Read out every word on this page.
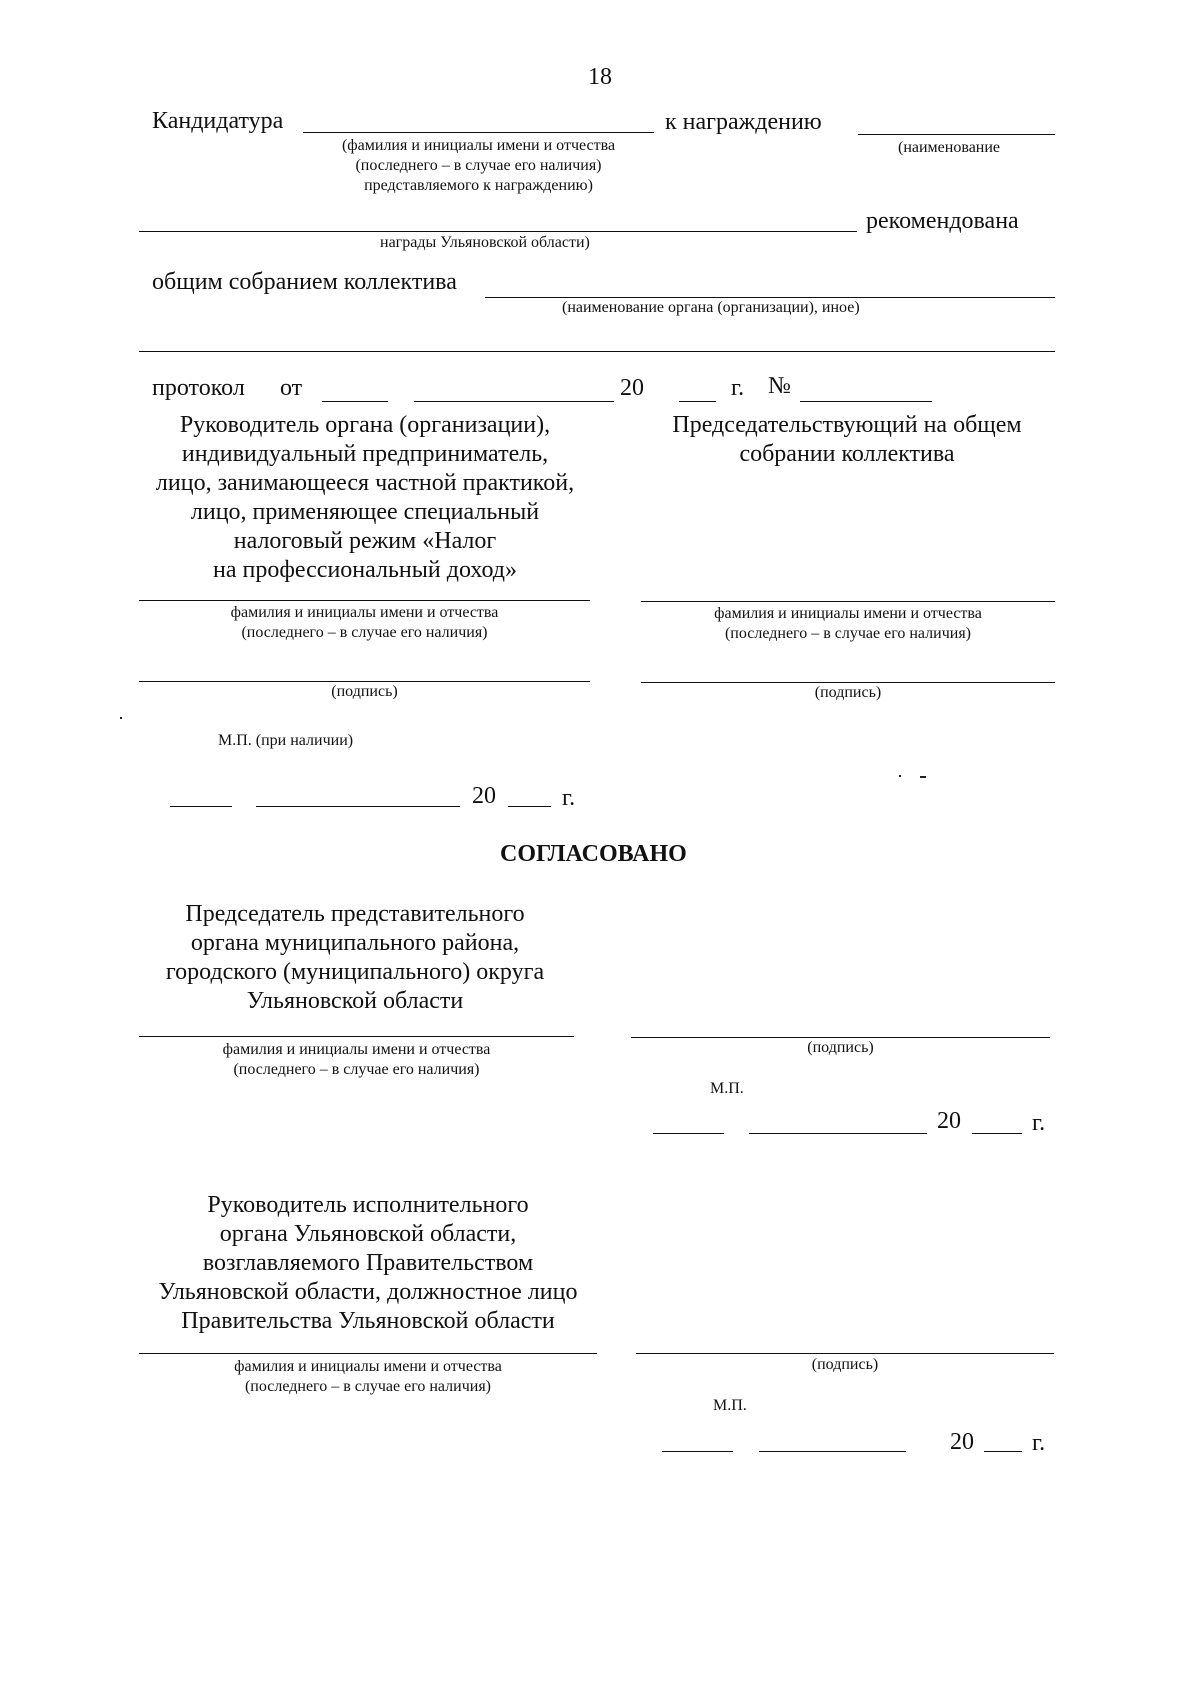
18
Кандидатура	к награждению
(фамилия и инициалы имени и отчества
(последнего – в случае его наличия)
представляемого к награждению)
(наименование
рекомендована
награды Ульяновской области)
общим собранием коллектива
(наименование органа (организации), иное)
протокол от	20	г. №
Руководитель органа (организации),
индивидуальный предприниматель,
лицо, занимающееся частной практикой,
лицо, применяющее специальный
налоговый режим «Налог
на профессиональный доход»
Председательствующий на общем
собрании коллектива
фамилия и инициалы имени и отчества
(последнего – в случае его наличия)
фамилия и инициалы имени и отчества
(последнего – в случае его наличия)
(подпись)	(подпись)
М.П. (при наличии)
20	г.
СОГЛАСОВАНО
Председатель представительного
органа муниципального района,
городского (муниципального) округа
Ульяновской области
фамилия и инициалы имени и отчества
(последнего – в случае его наличия)
(подпись)
М.П.
20	г.
Руководитель исполнительного
органа Ульяновской области,
возглавляемого Правительством
Ульяновской области, должностное лицо
Правительства Ульяновской области
фамилия и инициалы имени и отчества
(последнего – в случае его наличия)
(подпись)
М.П.
20 г.
